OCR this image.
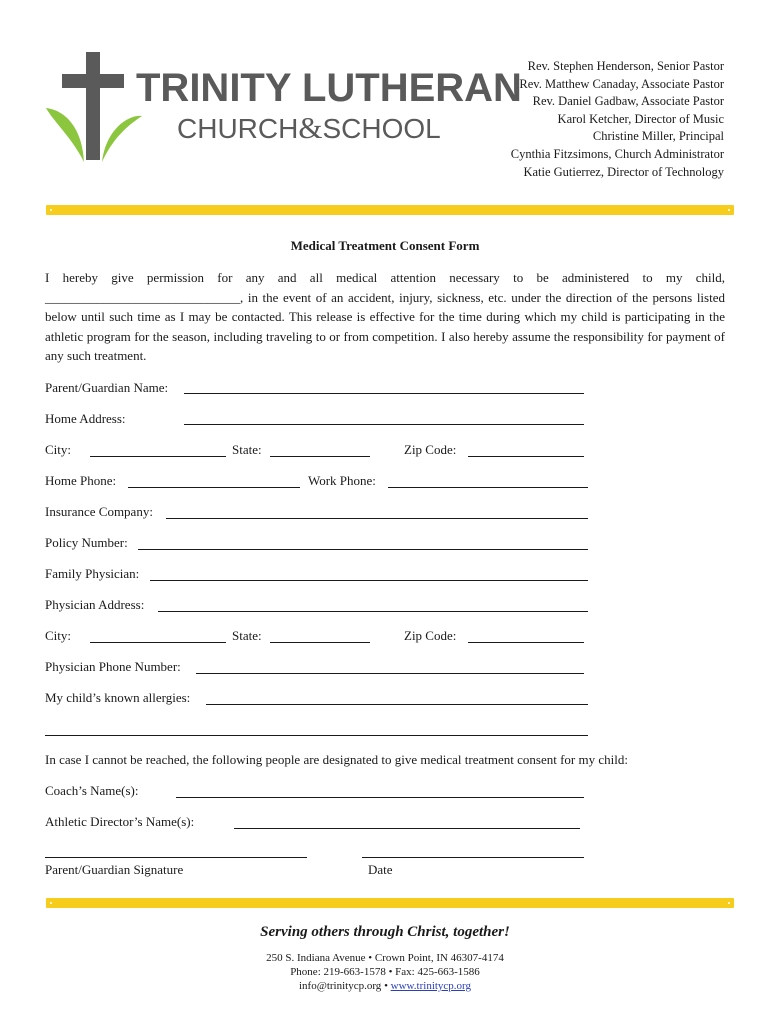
TRINITY LUTHERAN
CHURCH&SCHOOL
Rev. Stephen Henderson, Senior Pastor
Rev. Matthew Canaday, Associate Pastor
Rev. Daniel Gadbaw, Associate Pastor
Karol Ketcher, Director of Music
Christine Miller, Principal
Cynthia Fitzsimons, Church Administrator
Katie Gutierrez, Director of Technology
Medical Treatment Consent Form
I hereby give permission for any and all medical attention necessary to be administered to my child, ______________________________, in the event of an accident, injury, sickness, etc. under the direction of the persons listed below until such time as I may be contacted. This release is effective for the time during which my child is participating in the athletic program for the season, including traveling to or from competition. I also hereby assume the responsibility for payment of any such treatment.
Parent/Guardian Name:
Home Address:
City:	State:	Zip Code:
Home Phone:	Work Phone:
Insurance Company:
Policy Number:
Family Physician:
Physician Address:
City:	State:	Zip Code:
Physician Phone Number:
My child’s known allergies:
In case I cannot be reached, the following people are designated to give medical treatment consent for my child:
Coach’s Name(s):
Athletic Director’s Name(s):
Parent/Guardian Signature	Date
Serving others through Christ, together!
250 S. Indiana Avenue • Crown Point, IN 46307-4174
Phone: 219-663-1578 • Fax: 425-663-1586
info@trinitycp.org • www.trinitycp.org
